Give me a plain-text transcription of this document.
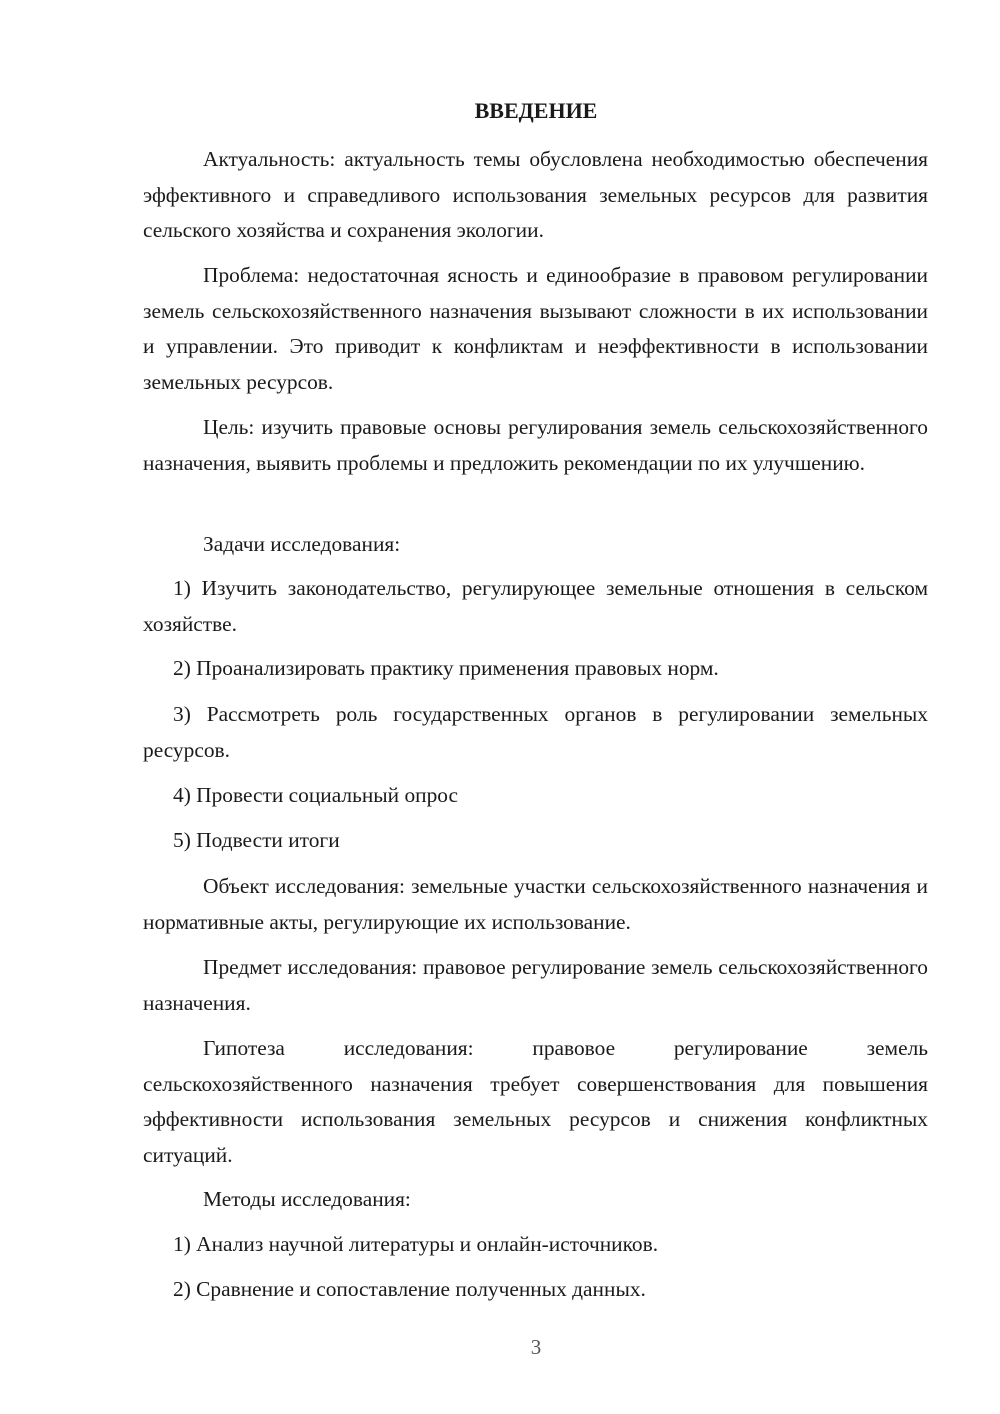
ВВЕДЕНИЕ

Актуальность: актуальность темы обусловлена необходимостью обеспечения эффективного и справедливого использования земельных ресурсов для развития сельского хозяйства и сохранения экологии.

Проблема: недостаточная ясность и единообразие в правовом регулировании земель сельскохозяйственного назначения вызывают сложности в их использовании и управлении. Это приводит к конфликтам и неэффективности в использовании земельных ресурсов.

Цель: изучить правовые основы регулирования земель сельскохозяйственного назначения, выявить проблемы и предложить рекомендации по их улучшению.

Задачи исследования:

1) Изучить законодательство, регулирующее земельные отношения в сельском хозяйстве.

2) Проанализировать практику применения правовых норм.

3) Рассмотреть роль государственных органов в регулировании земельных ресурсов.

4) Провести социальный опрос

5) Подвести итоги

Объект исследования: земельные участки сельскохозяйственного назначения и нормативные акты, регулирующие их использование.

Предмет исследования: правовое регулирование земель сельскохозяйственного назначения.

Гипотеза исследования: правовое регулирование земель сельскохозяйственного назначения требует совершенствования для повышения эффективности использования земельных ресурсов и снижения конфликтных ситуаций.

Методы исследования:

1) Анализ научной литературы и онлайн-источников.

2) Сравнение и сопоставление полученных данных.

3
